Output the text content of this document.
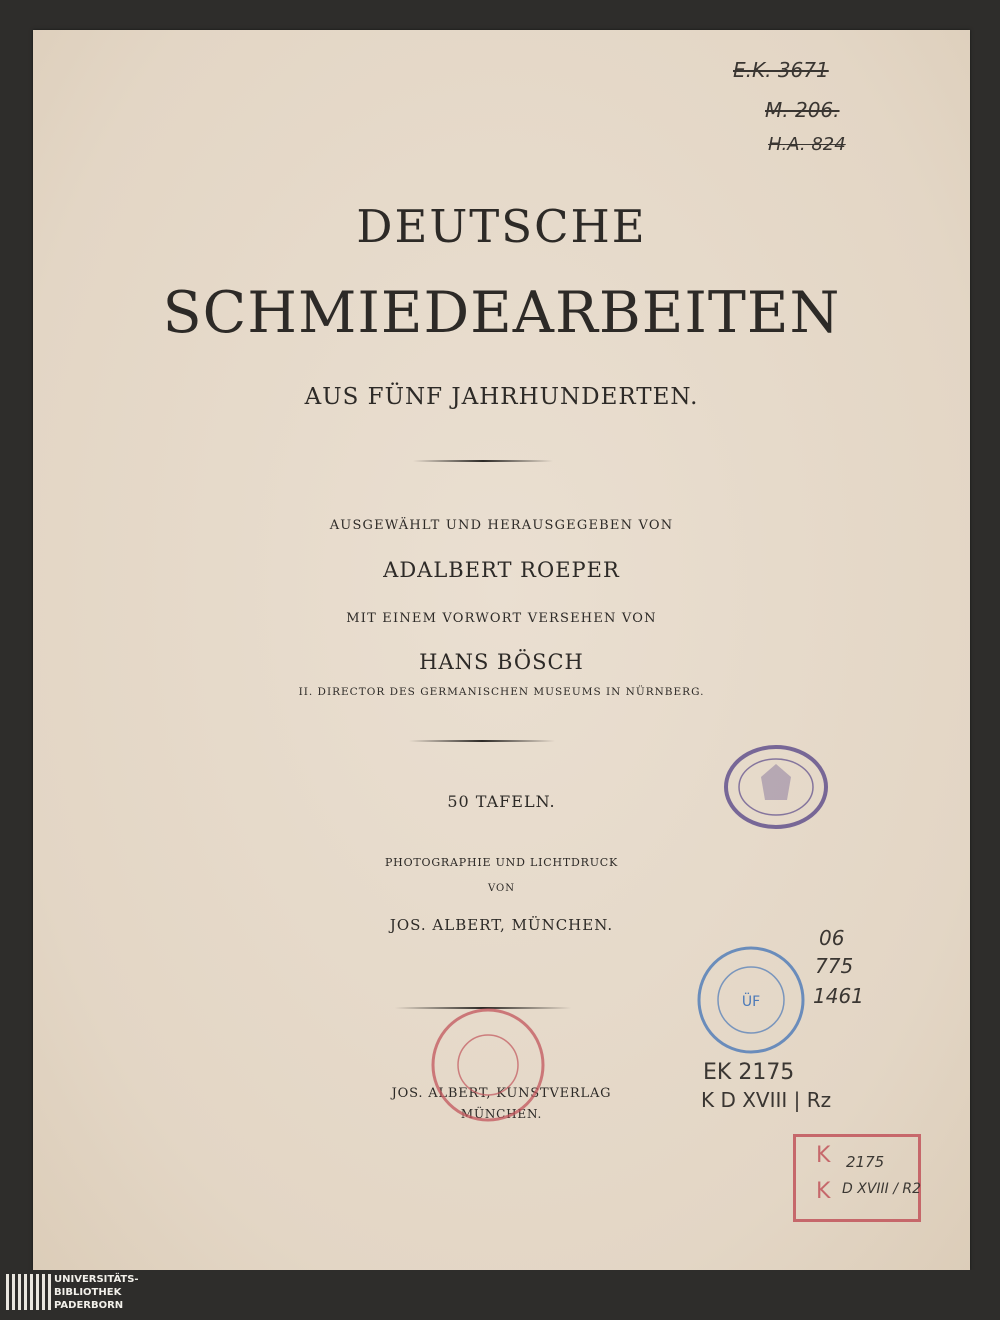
E.K. 3671
M. 206.
H.A. 824
DEUTSCHE
SCHMIEDEARBEITEN
AUS FÜNF JAHRHUNDERTEN.
AUSGEWÄHLT UND HERAUSGEGEBEN VON
ADALBERT ROEPER
MIT EINEM VORWORT VERSEHEN VON
HANS BÖSCH
II. DIRECTOR DES GERMANISCHEN MUSEUMS IN NÜRNBERG.
50 TAFELN.
PHOTOGRAPHIE UND LICHTDRUCK
VON
JOS. ALBERT, MÜNCHEN.
JOS. ALBERT, KUNSTVERLAG
MÜNCHEN.
ÜF
06
775
1461
EK 2175
K D XVIII | Rz
K
K
2175
D XVIII / R2
UNIVERSITÄTS-
BIBLIOTHEK
PADERBORN
